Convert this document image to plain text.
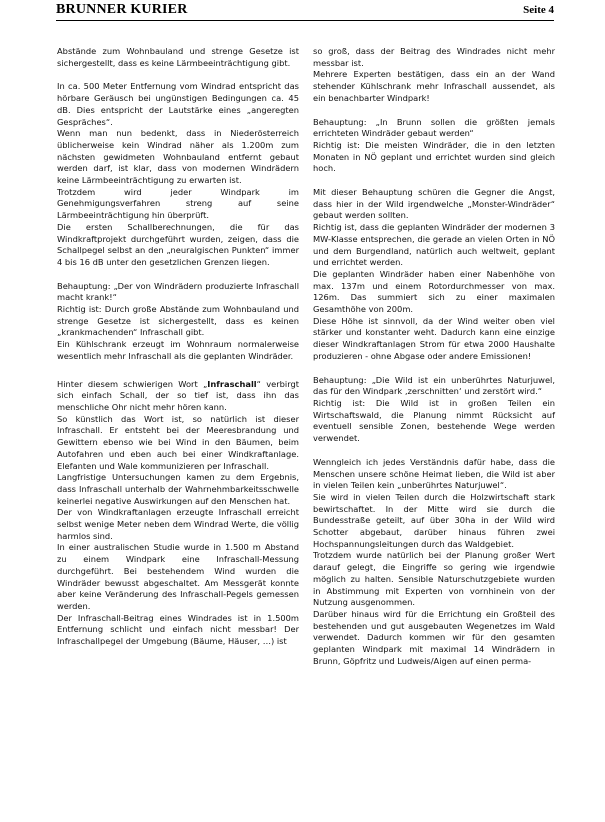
BRUNNER KURIER	Seite 4

Abstände zum Wohnbauland und strenge Gesetze ist sichergestellt, dass es keine Lärmbeeinträchtigung gibt.

In ca. 500 Meter Entfernung vom Windrad entspricht das hörbare Geräusch bei ungünstigen Bedingungen ca. 45 dB. Dies entspricht der Lautstärke eines „angeregten Gespräches“.

Wenn man nun bedenkt, dass in Niederösterreich üblicherweise kein Windrad näher als 1.200m zum nächsten gewidmeten Wohnbauland entfernt gebaut werden darf, ist klar, dass von modernen Windrädern keine Lärmbeeinträchtigung zu erwarten ist.

Trotzdem wird jeder Windpark im Genehmigungsverfahren streng auf seine Lärmbeeinträchtigung hin überprüft.

Die ersten Schallberechnungen, die für das Windkraftprojekt durchgeführt wurden, zeigen, dass die Schallpegel selbst an den „neuralgischen Punkten“ immer 4 bis 16 dB unter den gesetzlichen Grenzen liegen.

Behauptung: „Der von Windrädern produzierte Infraschall macht krank!“

Richtig ist: Durch große Abstände zum Wohnbauland und strenge Gesetze ist sichergestellt, dass es keinen „krankmachenden“ Infraschall gibt.

Ein Kühlschrank erzeugt im Wohnraum normalerweise wesentlich mehr Infraschall als die geplanten Windräder.

Hinter diesem schwierigen Wort „Infraschall“ verbirgt sich einfach Schall, der so tief ist, dass ihn das menschliche Ohr nicht mehr hören kann.

So künstlich das Wort ist, so natürlich ist dieser Infraschall. Er entsteht bei der Meeresbrandung und Gewittern ebenso wie bei Wind in den Bäumen, beim Autofahren und eben auch bei einer Windkraftanlage. Elefanten und Wale kommunizieren per Infraschall.

Langfristige Untersuchungen kamen zu dem Ergebnis, dass Infraschall unterhalb der Wahrnehmbarkeitsschwelle keinerlei negative Auswirkungen auf den Menschen hat.

Der von Windkraftanlagen erzeugte Infraschall erreicht selbst wenige Meter neben dem Windrad Werte, die völlig harmlos sind.

In einer australischen Studie wurde in 1.500 m Abstand zu einem Windpark eine Infraschall-Messung durchgeführt. Bei bestehendem Wind wurden die Windräder bewusst abgeschaltet. Am Messgerät konnte aber keine Veränderung des Infraschall-Pegels gemessen werden.

Der Infraschall-Beitrag eines Windrades ist in 1.500m Entfernung schlicht und einfach nicht messbar! Der Infraschallpegel der Umgebung (Bäume, Häuser, …) ist

so groß, dass der Beitrag des Windrades nicht mehr messbar ist.

Mehrere Experten bestätigen, dass ein an der Wand stehender Kühlschrank mehr Infraschall aussendet, als ein benachbarter Windpark!

Behauptung: „In Brunn sollen die größten jemals errichteten Windräder gebaut werden“

Richtig ist: Die meisten Windräder, die in den letzten Monaten in NÖ geplant und errichtet wurden sind gleich hoch.

Mit dieser Behauptung schüren die Gegner die Angst, dass hier in der Wild irgendwelche „Monster-Windräder“ gebaut werden sollten.

Richtig ist, dass die geplanten Windräder der modernen 3 MW-Klasse entsprechen, die gerade an vielen Orten in NÖ und dem Burgendland, natürlich auch weltweit, geplant und errichtet werden.

Die geplanten Windräder haben einer Nabenhöhe von max. 137m und einem Rotordurchmesser von max. 126m. Das summiert sich zu einer maximalen Gesamthöhe von 200m.

Diese Höhe ist sinnvoll, da der Wind weiter oben viel stärker und konstanter weht. Dadurch kann eine einzige dieser Windkraftanlagen Strom für etwa 2000 Haushalte produzieren - ohne Abgase oder andere Emissionen!

Behauptung: „Die Wild ist ein unberührtes Naturjuwel, das für den Windpark ‚zerschnitten‘ und zerstört wird.“

Richtig ist: Die Wild ist in großen Teilen ein Wirtschaftswald, die Planung nimmt Rücksicht auf eventuell sensible Zonen, bestehende Wege werden verwendet.

Wenngleich ich jedes Verständnis dafür habe, dass die Menschen unsere schöne Heimat lieben, die Wild ist aber in vielen Teilen kein „unberührtes Naturjuwel“.

Sie wird in vielen Teilen durch die Holzwirtschaft stark bewirtschaftet. In der Mitte wird sie durch die Bundesstraße geteilt, auf über 30ha in der Wild wird Schotter abgebaut, darüber hinaus führen zwei Hochspannungsleitungen durch das Waldgebiet.

Trotzdem wurde natürlich bei der Planung großer Wert darauf gelegt, die Eingriffe so gering wie irgendwie möglich zu halten. Sensible Naturschutzgebiete wurden in Abstimmung mit Experten von vornhinein von der Nutzung ausgenommen.

Darüber hinaus wird für die Errichtung ein Großteil des bestehenden und gut ausgebauten Wegenetzes im Wald verwendet. Dadurch kommen wir für den gesamten geplanten Windpark mit maximal 14 Windrädern in Brunn, Göpfritz und Ludweis/Aigen auf einen perma-
